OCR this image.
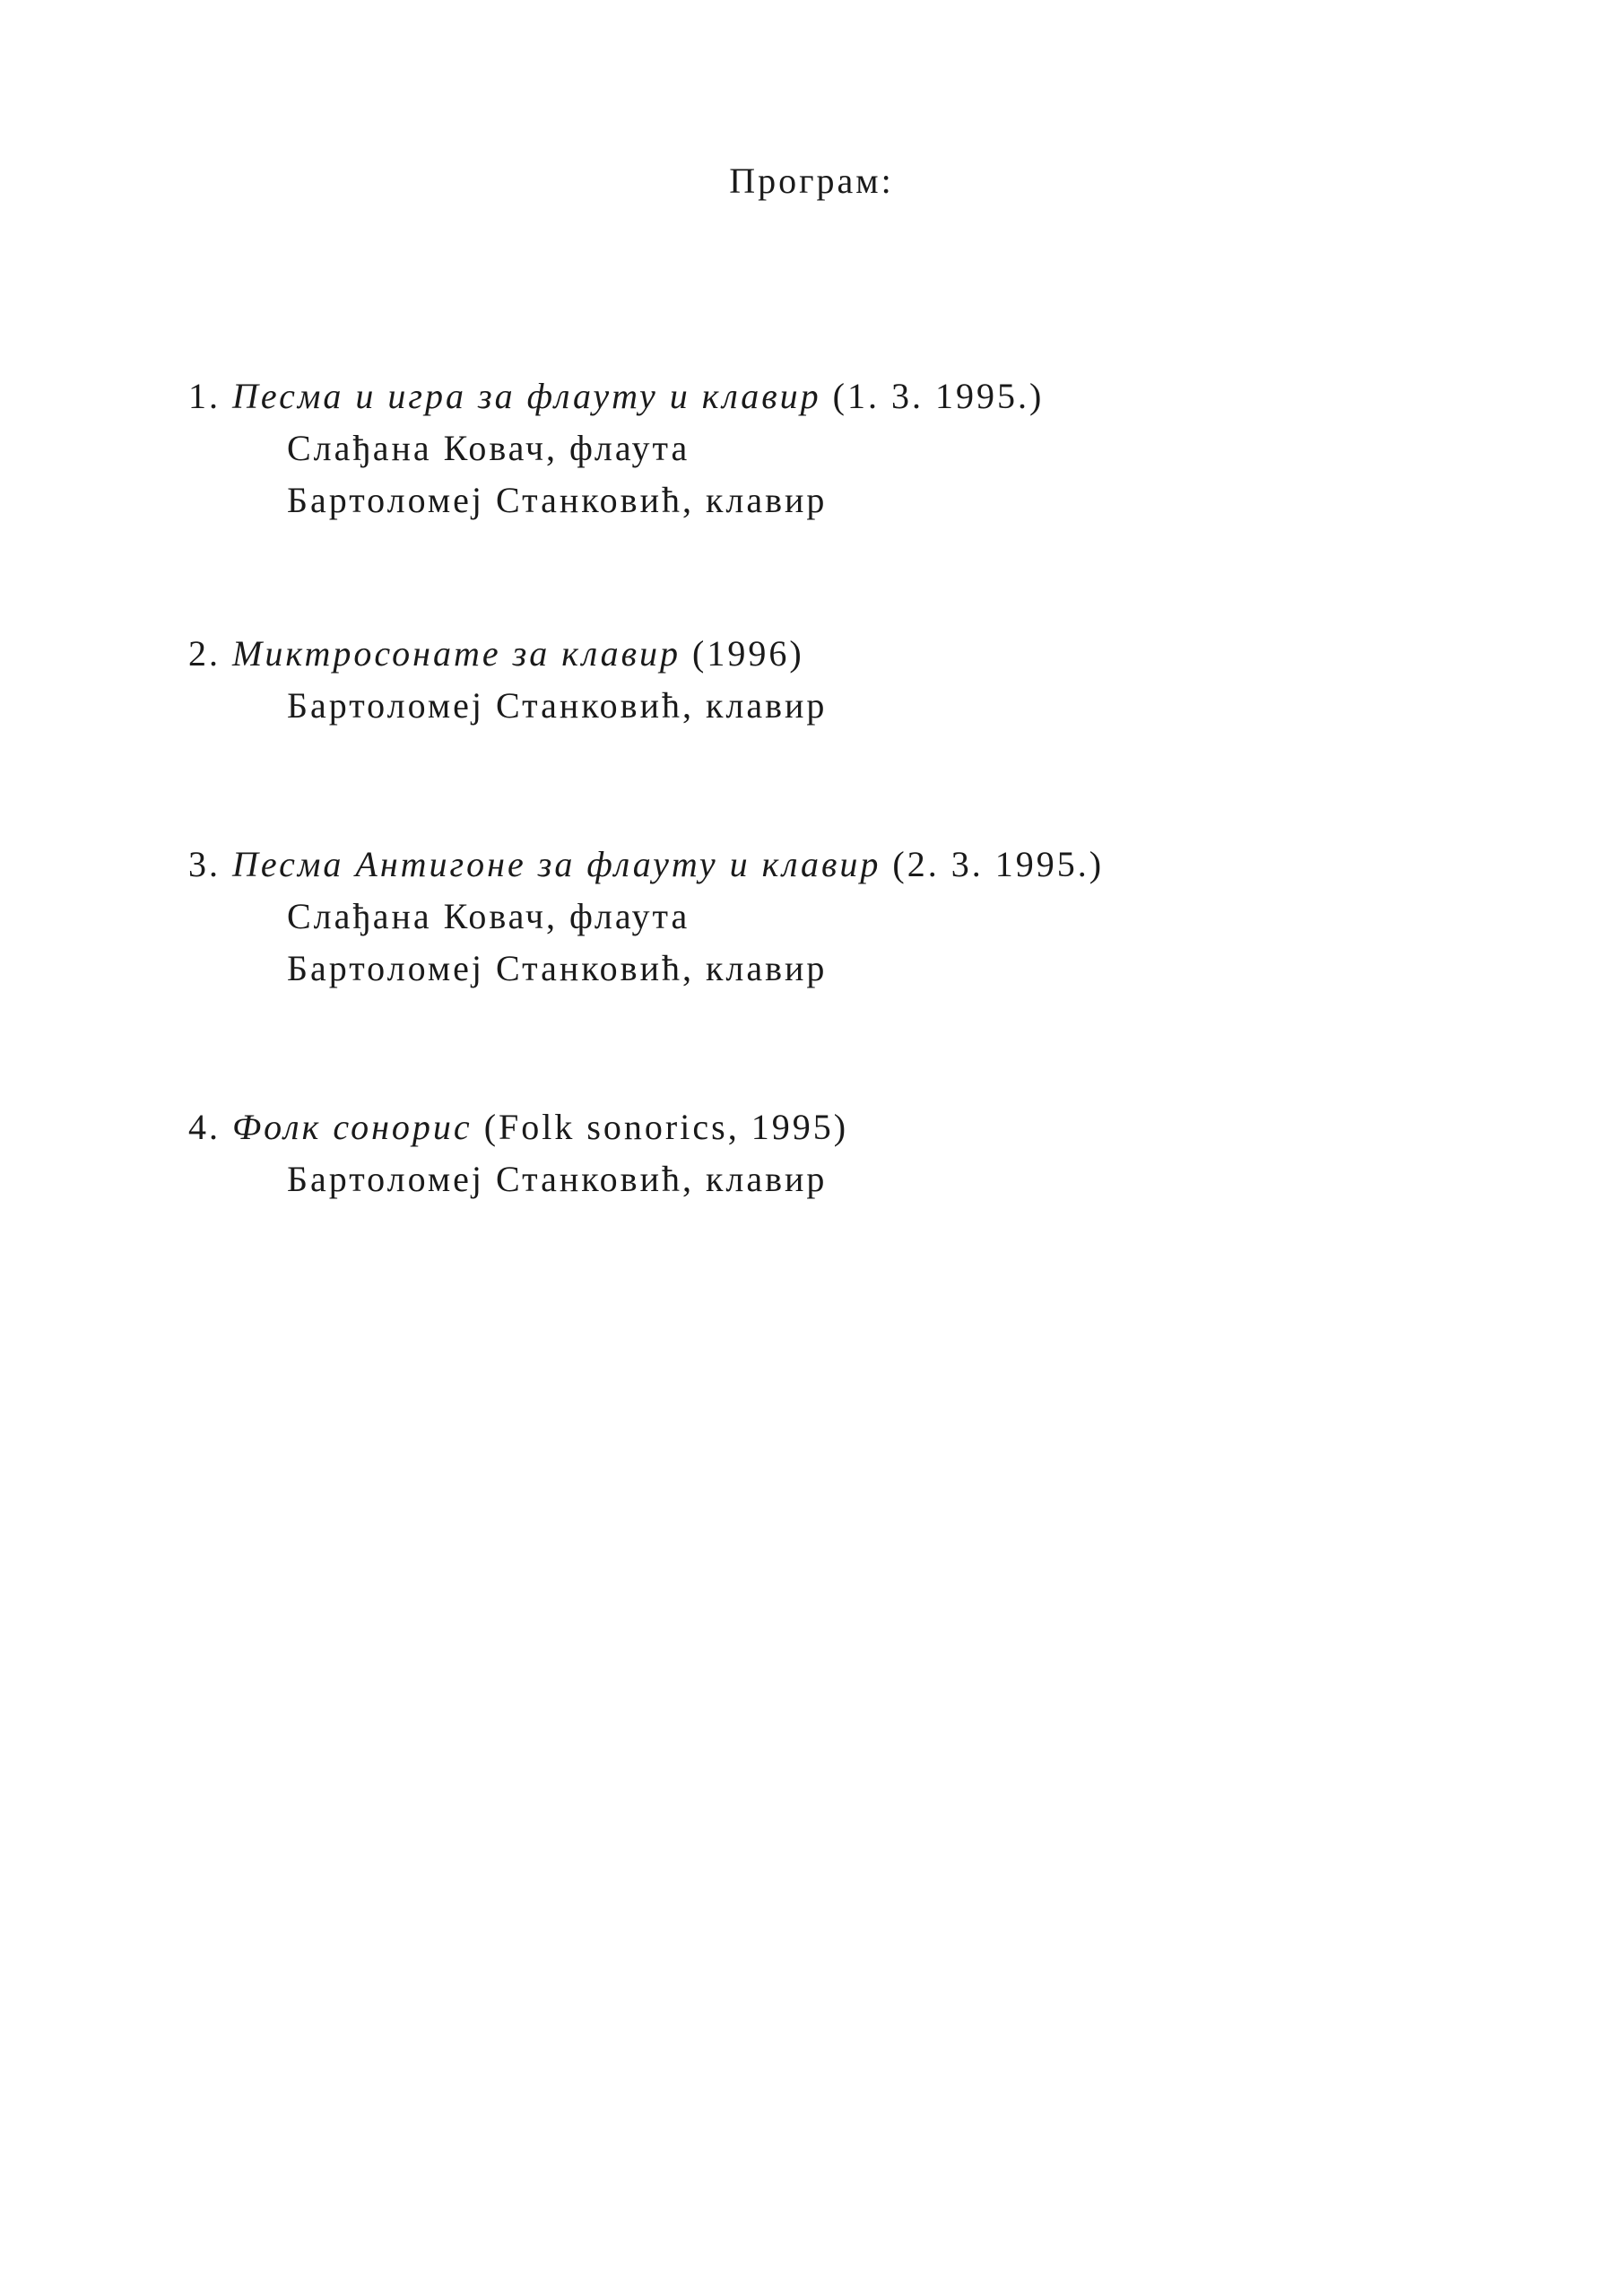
Програм:
1. Песма и игра за флауту и клавир (1. 3. 1995.)
Слађана Ковач, флаута
Бартоломеј Станковић, клавир
2. Миктросонате за клавир (1996)
Бартоломеј Станковић, клавир
3. Песма Антигоне за флауту и клавир (2. 3. 1995.)
Слађана Ковач, флаута
Бартоломеј Станковић, клавир
4. Фолк сонорис (Folk sonorics, 1995)
Бартоломеј Станковић, клавир
